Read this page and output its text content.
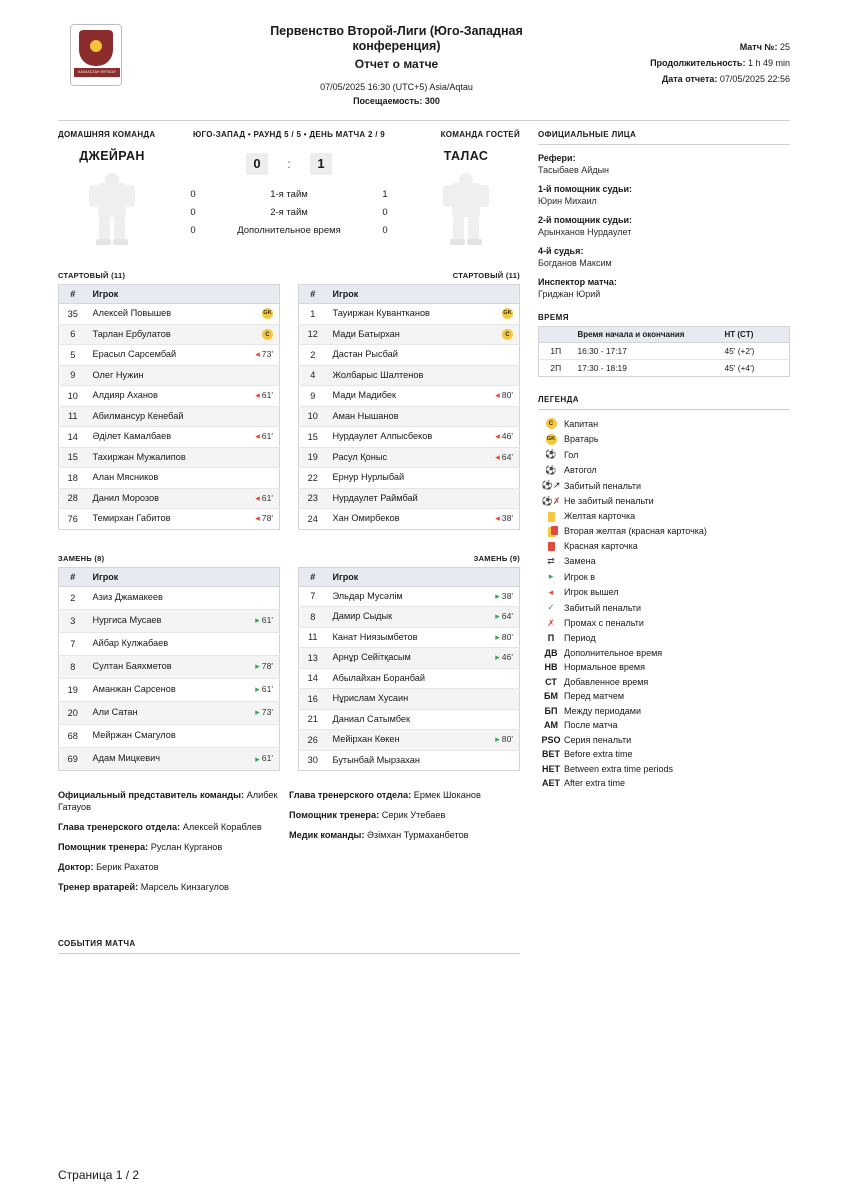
КАЗАХСТАН ФУТБОЛ ФЕДЕРАЦИЯСЫ
Первенство Второй-Лиги (Юго-Западная
конференция)
Отчет о матче
07/05/2025 16:30 (UTC+5) Asia/Aqtau
Посещаемость: 300
Матч №: 25
Продолжительность: 1 h 49 min
Дата отчета: 07/05/2025 22:56
ДОМАШНЯЯ КОМАНДА	ЮГО-ЗАПАД • РАУНД 5 / 5 • ДЕНЬ МАТЧА 2 / 9	КОМАНДА ГОСТЕЙ
ДЖЕЙРАН	0	:	1
0	1-я тайм	1
0	2-я тайм	0
0	Дополнительное время	0
ТАЛАС
СТАРТОВЫЙ (11)	СТАРТОВЫЙ (11)
#	Игрок	
35	Алексей Повышев	GK
6	Тарлан Ербулатов	C
5	Ерасыл Сарсембай	◂ 73'
9	Олег Нужин	
10	Алдияр Аханов	◂ 61'
11	Абилмансур Кенебай	
14	Әділет Камалбаев	◂ 61'
15	Тахиржан Мужалипов	
18	Алан Мясников	
28	Данил Морозов	◂ 61'
76	Темирхан Габитов	◂ 78'
#	Игрок	
1	Тауиржан Кувантканов	GK
12	Мади Батырхан	C
2	Дастан Рысбай	
4	Жолбарыс Шалтенов	
9	Мади Мадибек	◂ 80'
10	Аман Нышанов	
15	Нурдаулет Алпысбеков	◂ 46'
19	Расул Қоныс	◂ 64'
22	Ернур Нурлыбай	
23	Нурдаулет Раймбай	
24	Хан Омирбеков	◂ 38'
ЗАМЕНЬ (8)	ЗАМЕНЬ (9)
#	Игрок	
2	Азиз Джамакеев	
3	Нургиса Мусаев	▸ 61'
7	Айбар Кулжабаев	
8	Султан Баяхметов	▸ 78'
19	Аманжан Сарсенов	▸ 61'
20	Али Сатан	▸ 73'
68	Мейржан Смагулов	
69	Адам Мицкевич	▸ 61'
#	Игрок	
7	Эльдар Мусәлім	▸ 38'
8	Дамир Сыдык	▸ 64'
11	Канат Ниязымбетов	▸ 80'
13	Арнұр Сейітқасым	▸ 46'
14	Абылайхан Боранбай	
16	Нұрислам Хусаин	
21	Даниал Сатымбек	
26	Мейірхан Көкен	▸ 80'
30	Бутынбай Мырзахан	
Официальный представитель команды: Алибек Гатауов
Глава тренерского отдела: Алексей Кораблев
Помощник тренера: Руслан Курганов
Доктор: Берик Рахатов
Тренер вратарей: Марсель Кинзагулов
Глава тренерского отдела: Ермек Шоканов
Помощник тренера: Серик Утебаев
Медик команды: Әзімхан Турмаханбетов
СОБЫТИЯ МАТЧА
ОФИЦИАЛЬНЫЕ ЛИЦА
Рефери:
Тасыбаев Айдын
1-й помощник судьи:
Юрин Михаил
2-й помощник судьи:
Арынханов Нурдаулет
4-й судья:
Богданов Максим
Инспектор матча:
Гриджан Юрий
ВРЕМЯ
	Время начала и окончания	HT (CT)
1П	16:30 - 17:17	45' (+2')
2П	17:30 - 18:19	45' (+4')
ЛЕГЕНДА
C	Капитан
GK Вратарь
⚽ Гол
⚽ Автогол
⚽↗ Забитый пенальти
⚽✗ Не забитый пенальти
Желтая карточка
Вторая желтая (красная карточка)
Красная карточка
⇄	Замена
▸	Игрок в
◂	Игрок вышел
✓	Забитый пенальти
✗	Промах с пенальти
П	Период
ДВ Дополнительное время
НВ Нормальное время
СТ Добавленное время
БМ Перед матчем
БП Между периодами
АМ После матча
PSO Серия пенальти
BET Before extra time
HET Between extra time periods
AET After extra time
Страница 1 / 2
